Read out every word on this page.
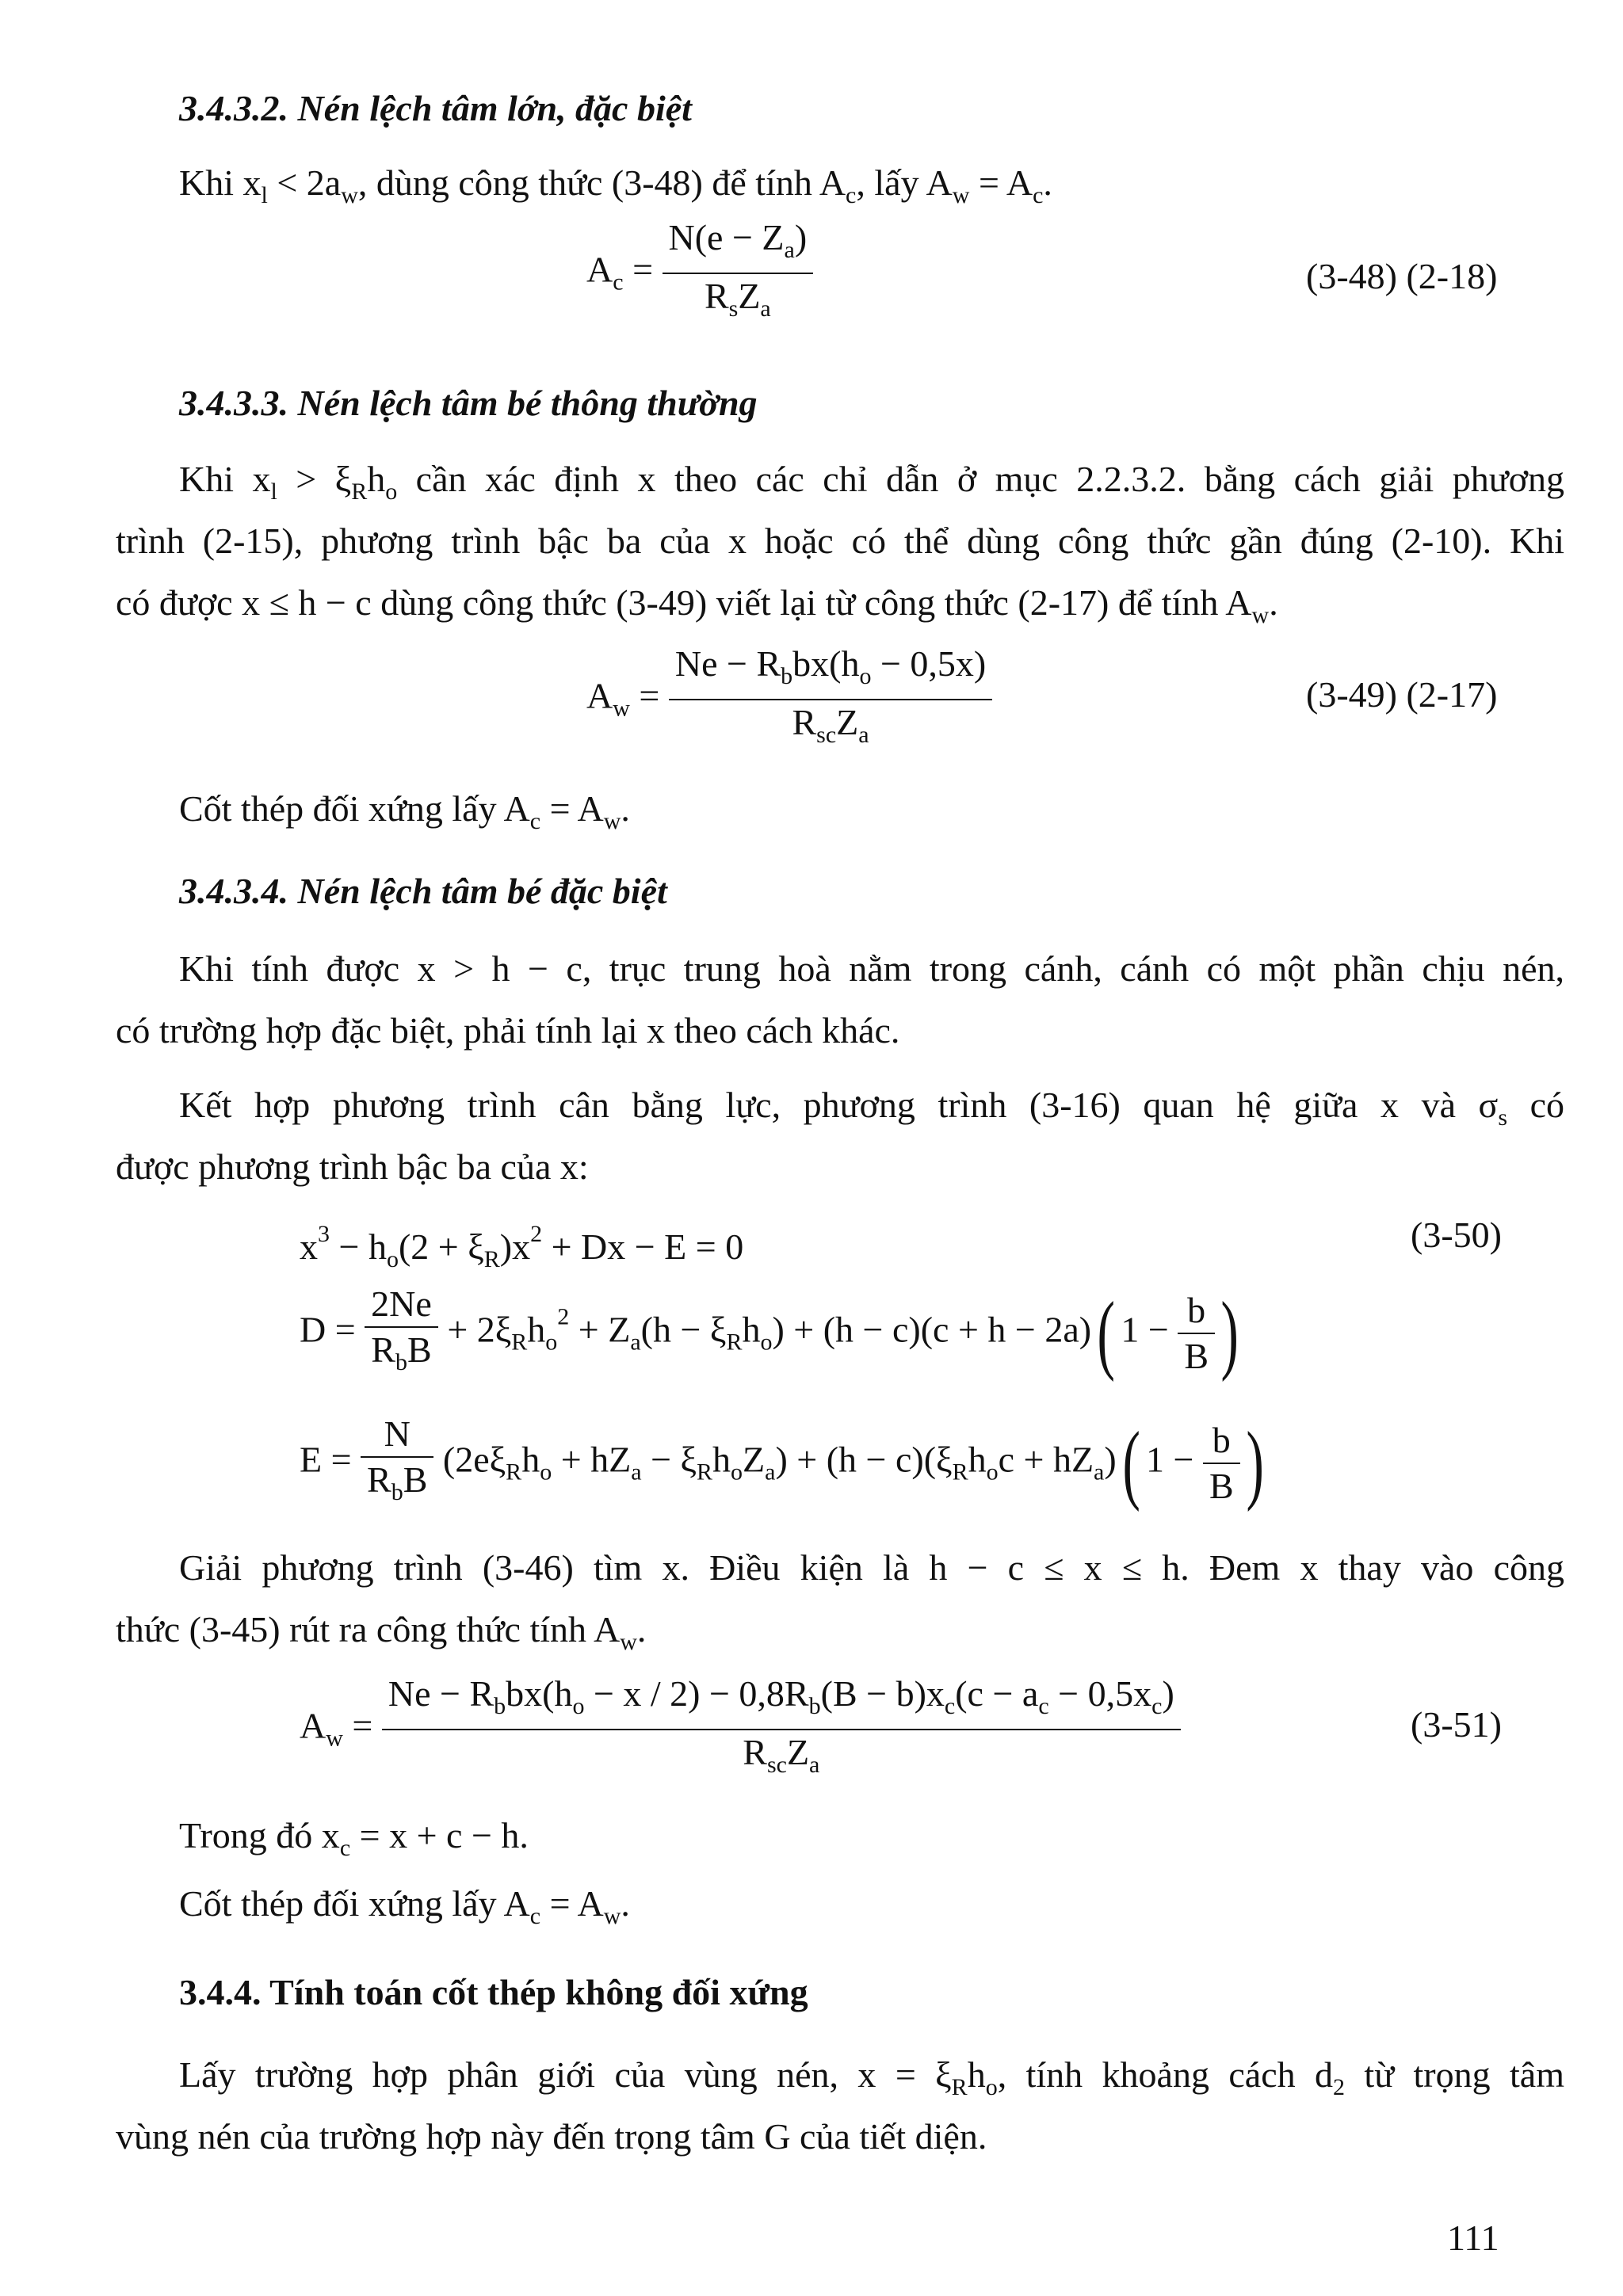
3.4.3.2. Nén lệch tâm lớn, đặc biệt
Khi $x_l < 2a_w$, dùng công thức (3-48) để tính $A_c$, lấy $A_w = A_c$.
$A_c = \frac{N(e - Z_a)}{R_sZ_a}$	(3-48) (2-18)
3.4.3.3. Nén lệch tâm bé thông thường
Khi $x_l > \xi_Rh_o$ cần xác định x theo các chỉ dẫn ở mục 2.2.3.2. bằng cách giải phương
trình (2-15), phương trình bậc ba của x hoặc có thể dùng công thức gần đúng (2-10). Khi
có được x ≤ h − c dùng công thức (3-49) viết lại từ công thức (2-17) để tính $A_w$.
$A_w = \frac{Ne - R_bbx(h_o - 0,5x)}{R_{sc}Z_a}$	(3-49) (2-17)
Cốt thép đối xứng lấy $A_c = A_w$.
3.4.3.4. Nén lệch tâm bé đặc biệt
Khi tính được x > h − c, trục trung hoà nằm trong cánh, cánh có một phần chịu nén,
có trường hợp đặc biệt, phải tính lại x theo cách khác.
Kết hợp phương trình cân bằng lực, phương trình (3-16) quan hệ giữa x và $\sigma_s$ có
được phương trình bậc ba của x:
$x^3 - h_o(2 + \xi_R)x^2 + Dx - E = 0$	(3-50)
$D = \frac{2Ne}{R_bB} + 2\xi_Rh_o^2 + Z_a(h - \xi_Rh_o) + (h - c)(c + h - 2a)$( $1 - \frac{b}{B}$ )
$E = \frac{N}{R_bB} (2e\xi_Rh_o + hZ_a - \xi_Rh_oZ_a) + (h - c)(\xi_Rh_oc + hZ_a)$( $1 - \frac{b}{B}$ )
Giải phương trình (3-46) tìm x. Điều kiện là h − c ≤ x ≤ h. Đem x thay vào công
thức (3-45) rút ra công thức tính $A_w$.
$A_w = \frac{Ne - R_bbx(h_o - x / 2) - 0,8R_b(B - b)x_c(c - a_c - 0,5x_c)}{R_{sc}Z_a}$	(3-51)
Trong đó $x_c = x + c - h$.
Cốt thép đối xứng lấy $A_c = A_w$.
3.4.4. Tính toán cốt thép không đối xứng
Lấy trường hợp phân giới của vùng nén, $x = \xi_Rh_o$, tính khoảng cách $d_2$ từ trọng tâm
vùng nén của trường hợp này đến trọng tâm G của tiết diện.
111
